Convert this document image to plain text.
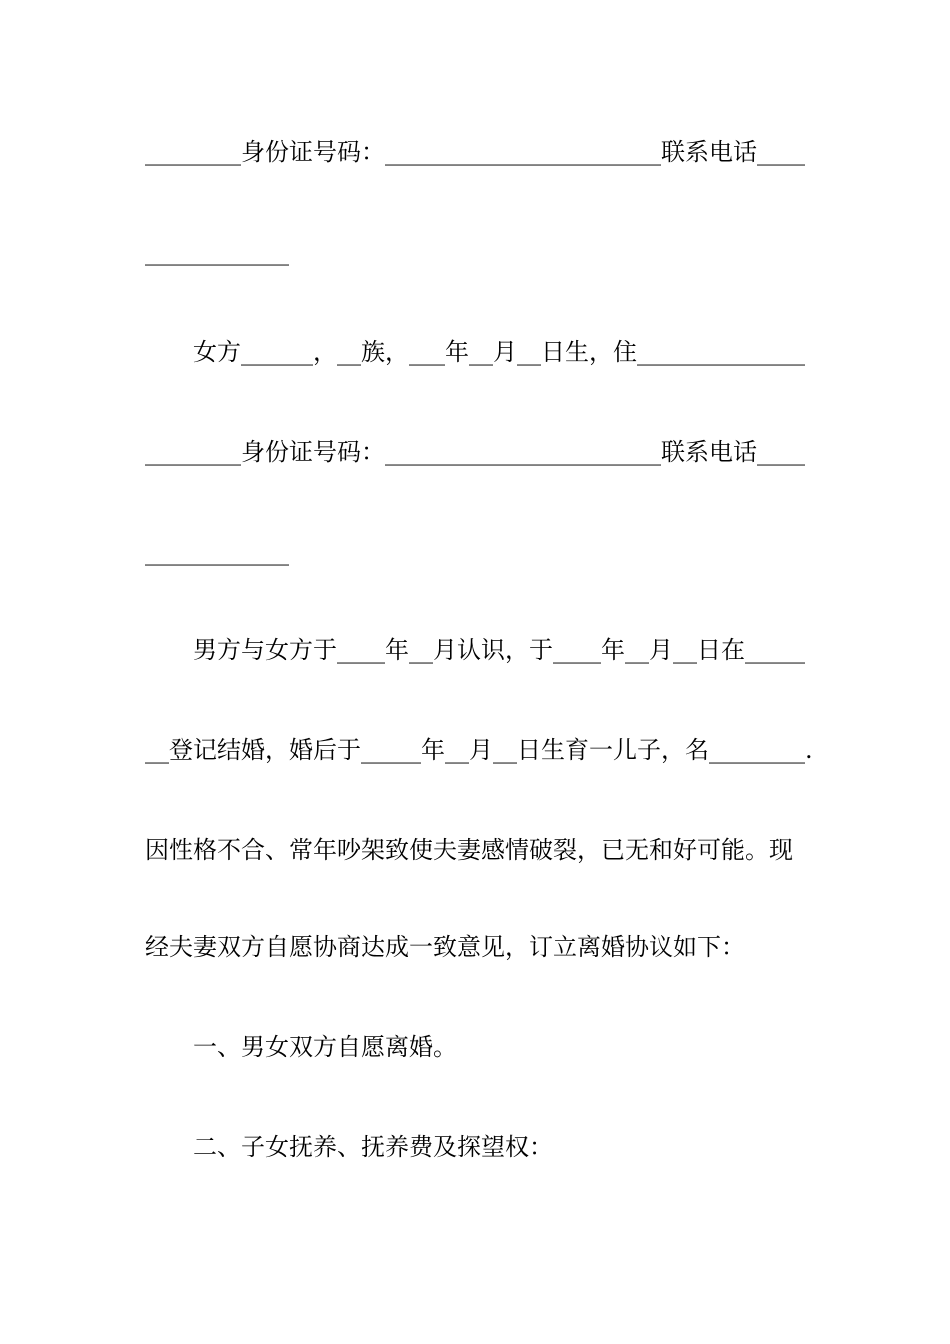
________身份证号码：_______________________联系电话____
____________
女方______，__族，___年__月__日生，住______________
________身份证号码：_______________________联系电话____
____________
男方与女方于____年__月认识，于____年__月__日在_____
__登记结婚，婚后于_____年__月__日生育一儿子，名________.
因性格不合、常年吵架致使夫妻感情破裂，已无和好可能。现
经夫妻双方自愿协商达成一致意见，订立离婚协议如下：
一、男女双方自愿离婚。
二、子女抚养、抚养费及探望权：
